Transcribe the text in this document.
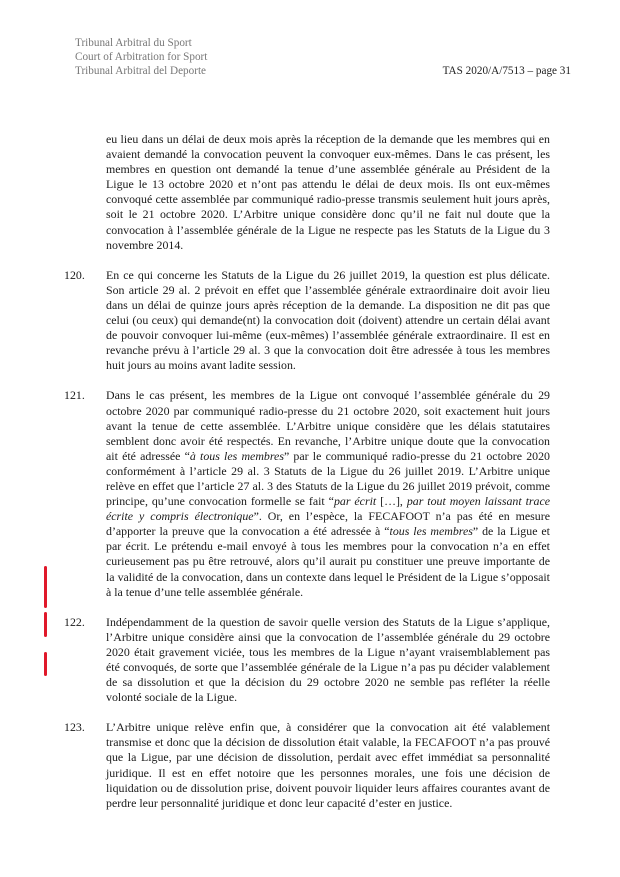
Tribunal Arbitral du Sport
Court of Arbitration for Sport
Tribunal Arbitral del Deporte	TAS 2020/A/7513 – page 31
eu lieu dans un délai de deux mois après la réception de la demande que les membres qui en avaient demandé la convocation peuvent la convoquer eux-mêmes. Dans le cas présent, les membres en question ont demandé la tenue d’une assemblée générale au Président de la Ligue le 13 octobre 2020 et n’ont pas attendu le délai de deux mois. Ils ont eux-mêmes convoqué cette assemblée par communiqué radio-presse transmis seulement huit jours après, soit le 21 octobre 2020. L’Arbitre unique considère donc qu’il ne fait nul doute que la convocation à l’assemblée générale de la Ligue ne respecte pas les Statuts de la Ligue du 3 novembre 2014.
120.	En ce qui concerne les Statuts de la Ligue du 26 juillet 2019, la question est plus délicate. Son article 29 al. 2 prévoit en effet que l’assemblée générale extraordinaire doit avoir lieu dans un délai de quinze jours après réception de la demande. La disposition ne dit pas que celui (ou ceux) qui demande(nt) la convocation doit (doivent) attendre un certain délai avant de pouvoir convoquer lui-même (eux-mêmes) l’assemblée générale extraordinaire. Il est en revanche prévu à l’article 29 al. 3 que la convocation doit être adressée à tous les membres huit jours au moins avant ladite session.
121.	Dans le cas présent, les membres de la Ligue ont convoqué l’assemblée générale du 29 octobre 2020 par communiqué radio-presse du 21 octobre 2020, soit exactement huit jours avant la tenue de cette assemblée. L’Arbitre unique considère que les délais statutaires semblent donc avoir été respectés. En revanche, l’Arbitre unique doute que la convocation ait été adressée “à tous les membres” par le communiqué radio-presse du 21 octobre 2020 conformément à l’article 29 al. 3 Statuts de la Ligue du 26 juillet 2019. L’Arbitre unique relève en effet que l’article 27 al. 3 des Statuts de la Ligue du 26 juillet 2019 prévoit, comme principe, qu’une convocation formelle se fait “par écrit […], par tout moyen laissant trace écrite y compris électronique”. Or, en l’espèce, la FECAFOOT n’a pas été en mesure d’apporter la preuve que la convocation a été adressée à “tous les membres” de la Ligue et par écrit. Le prétendu e-mail envoyé à tous les membres pour la convocation n’a en effet curieusement pas pu être retrouvé, alors qu’il aurait pu constituer une preuve importante de la validité de la convocation, dans un contexte dans lequel le Président de la Ligue s’opposait à la tenue d’une telle assemblée générale.
122.	Indépendamment de la question de savoir quelle version des Statuts de la Ligue s’applique, l’Arbitre unique considère ainsi que la convocation de l’assemblée générale du 29 octobre 2020 était gravement viciée, tous les membres de la Ligue n’ayant vraisemblablement pas été convoqués, de sorte que l’assemblée générale de la Ligue n’a pas pu décider valablement de sa dissolution et que la décision du 29 octobre 2020 ne semble pas refléter la réelle volonté sociale de la Ligue.
123.	L’Arbitre unique relève enfin que, à considérer que la convocation ait été valablement transmise et donc que la décision de dissolution était valable, la FECAFOOT n’a pas prouvé que la Ligue, par une décision de dissolution, perdait avec effet immédiat sa personnalité juridique. Il est en effet notoire que les personnes morales, une fois une décision de liquidation ou de dissolution prise, doivent pouvoir liquider leurs affaires courantes avant de perdre leur personnalité juridique et donc leur capacité d’ester en justice.
